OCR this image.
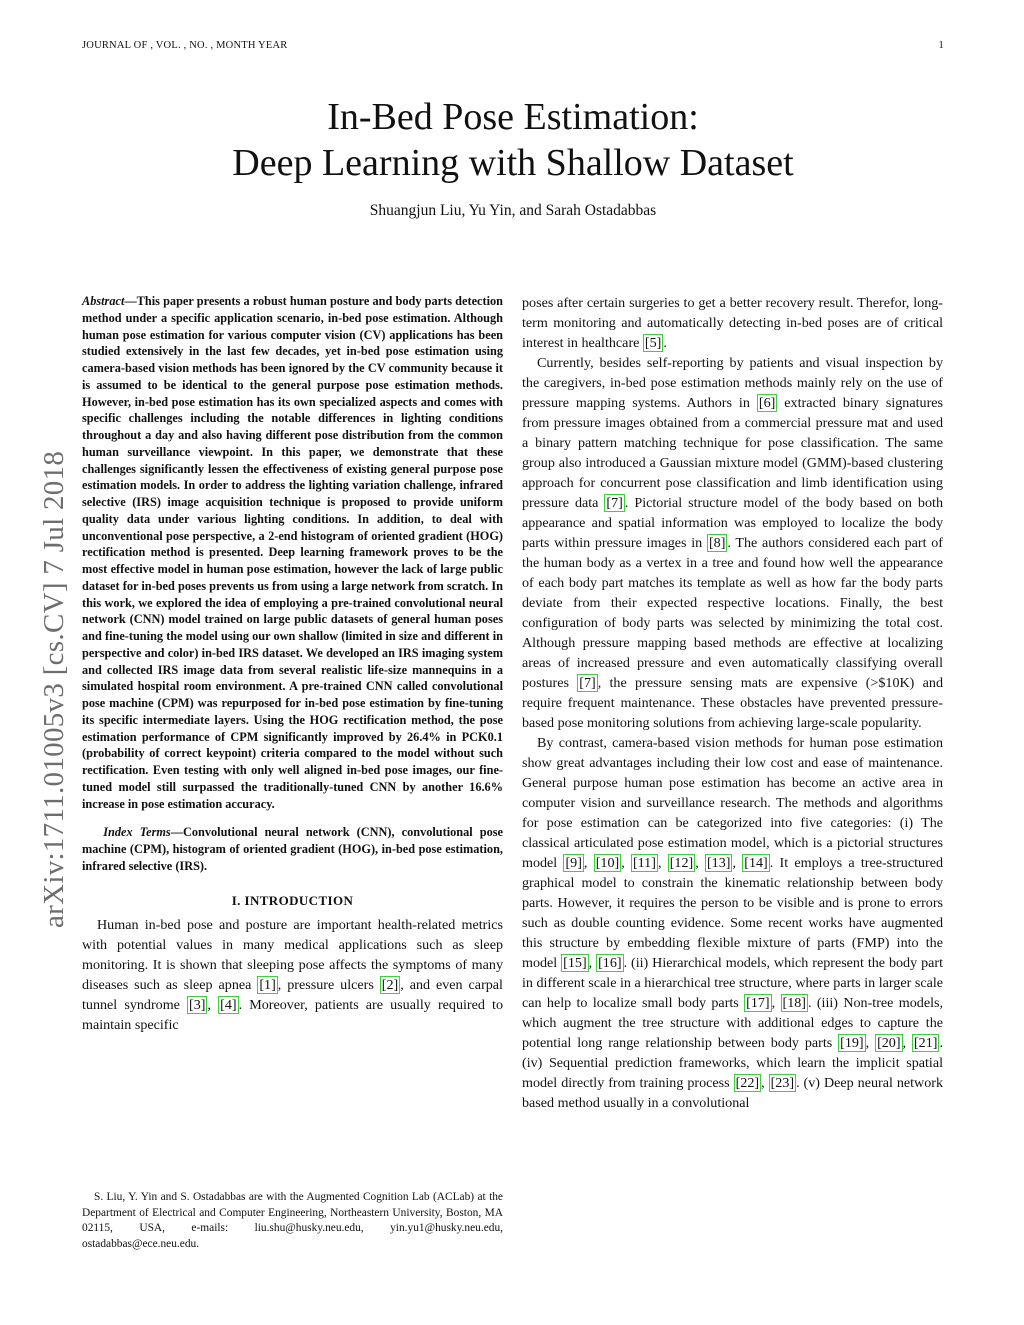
JOURNAL OF , VOL. , NO. , MONTH YEAR	1
arXiv:1711.01005v3 [cs.CV] 7 Jul 2018
In-Bed Pose Estimation:
Deep Learning with Shallow Dataset
Shuangjun Liu, Yu Yin, and Sarah Ostadabbas

Abstract—This paper presents a robust human posture and body parts detection method under a specific application scenario, in-bed pose estimation. Although human pose estimation for various computer vision (CV) applications has been studied extensively in the last few decades, yet in-bed pose estimation using camera-based vision methods has been ignored by the CV community because it is assumed to be identical to the general purpose pose estimation methods. However, in-bed pose estimation has its own specialized aspects and comes with specific challenges including the notable differences in lighting conditions throughout a day and also having different pose distribution from the common human surveillance viewpoint. In this paper, we demonstrate that these challenges significantly lessen the effectiveness of existing general purpose pose estimation models. In order to address the lighting variation challenge, infrared selective (IRS) image acquisition technique is proposed to provide uniform quality data under various lighting conditions. In addition, to deal with unconventional pose perspective, a 2-end histogram of oriented gradient (HOG) rectification method is presented. Deep learning framework proves to be the most effective model in human pose estimation, however the lack of large public dataset for in-bed poses prevents us from using a large network from scratch. In this work, we explored the idea of employing a pre-trained convolutional neural network (CNN) model trained on large public datasets of general human poses and fine-tuning the model using our own shallow (limited in size and different in perspective and color) in-bed IRS dataset. We developed an IRS imaging system and collected IRS image data from several realistic life-size mannequins in a simulated hospital room environment. A pre-trained CNN called convolutional pose machine (CPM) was repurposed for in-bed pose estimation by fine-tuning its specific intermediate layers. Using the HOG rectification method, the pose estimation performance of CPM significantly improved by 26.4% in PCK0.1 (probability of correct keypoint) criteria compared to the model without such rectification. Even testing with only well aligned in-bed pose images, our fine-tuned model still surpassed the traditionally-tuned CNN by another 16.6% increase in pose estimation accuracy.

Index Terms—Convolutional neural network (CNN), convolutional pose machine (CPM), histogram of oriented gradient (HOG), in-bed pose estimation, infrared selective (IRS).

I. INTRODUCTION

Human in-bed pose and posture are important health-related metrics with potential values in many medical applications such as sleep monitoring. It is shown that sleeping pose affects the symptoms of many diseases such as sleep apnea [1] , pressure ulcers [2] , and even carpal tunnel syndrome [3] , [4] . Moreover, patients are usually required to maintain specific

S. Liu, Y. Yin and S. Ostadabbas are with the Augmented Cognition Lab (ACLab) at the Department of Electrical and Computer Engineering, Northeastern University, Boston, MA 02115, USA, e-mails: liu.shu@husky.neu.edu, yin.yu1@husky.neu.edu, ostadabbas@ece.neu.edu.

poses after certain surgeries to get a better recovery result. Therefor, long-term monitoring and automatically detecting in-bed poses are of critical interest in healthcare [5] .

Currently, besides self-reporting by patients and visual inspection by the caregivers, in-bed pose estimation methods mainly rely on the use of pressure mapping systems. Authors in [6] extracted binary signatures from pressure images obtained from a commercial pressure mat and used a binary pattern matching technique for pose classification. The same group also introduced a Gaussian mixture model (GMM)-based clustering approach for concurrent pose classification and limb identification using pressure data [7] . Pictorial structure model of the body based on both appearance and spatial information was employed to localize the body parts within pressure images in [8] . The authors considered each part of the human body as a vertex in a tree and found how well the appearance of each body part matches its template as well as how far the body parts deviate from their expected respective locations. Finally, the best configuration of body parts was selected by minimizing the total cost. Although pressure mapping based methods are effective at localizing areas of increased pressure and even automatically classifying overall postures [7] , the pressure sensing mats are expensive (>$10K) and require frequent maintenance. These obstacles have prevented pressure-based pose monitoring solutions from achieving large-scale popularity.

By contrast, camera-based vision methods for human pose estimation show great advantages including their low cost and ease of maintenance. General purpose human pose estimation has become an active area in computer vision and surveillance research. The methods and algorithms for pose estimation can be categorized into five categories: (i) The classical articulated pose estimation model, which is a pictorial structures model [9] , [10] , [11] , [12] , [13] , [14] . It employs a tree-structured graphical model to constrain the kinematic relationship between body parts. However, it requires the person to be visible and is prone to errors such as double counting evidence. Some recent works have augmented this structure by embedding flexible mixture of parts (FMP) into the model [15] , [16] . (ii) Hierarchical models, which represent the body part in different scale in a hierarchical tree structure, where parts in larger scale can help to localize small body parts [17] , [18] . (iii) Non-tree models, which augment the tree structure with additional edges to capture the potential long range relationship between body parts [19] , [20] , [21] . (iv) Sequential prediction frameworks, which learn the implicit spatial model directly from training process [22] , [23] . (v) Deep neural network based method usually in a convolutional
